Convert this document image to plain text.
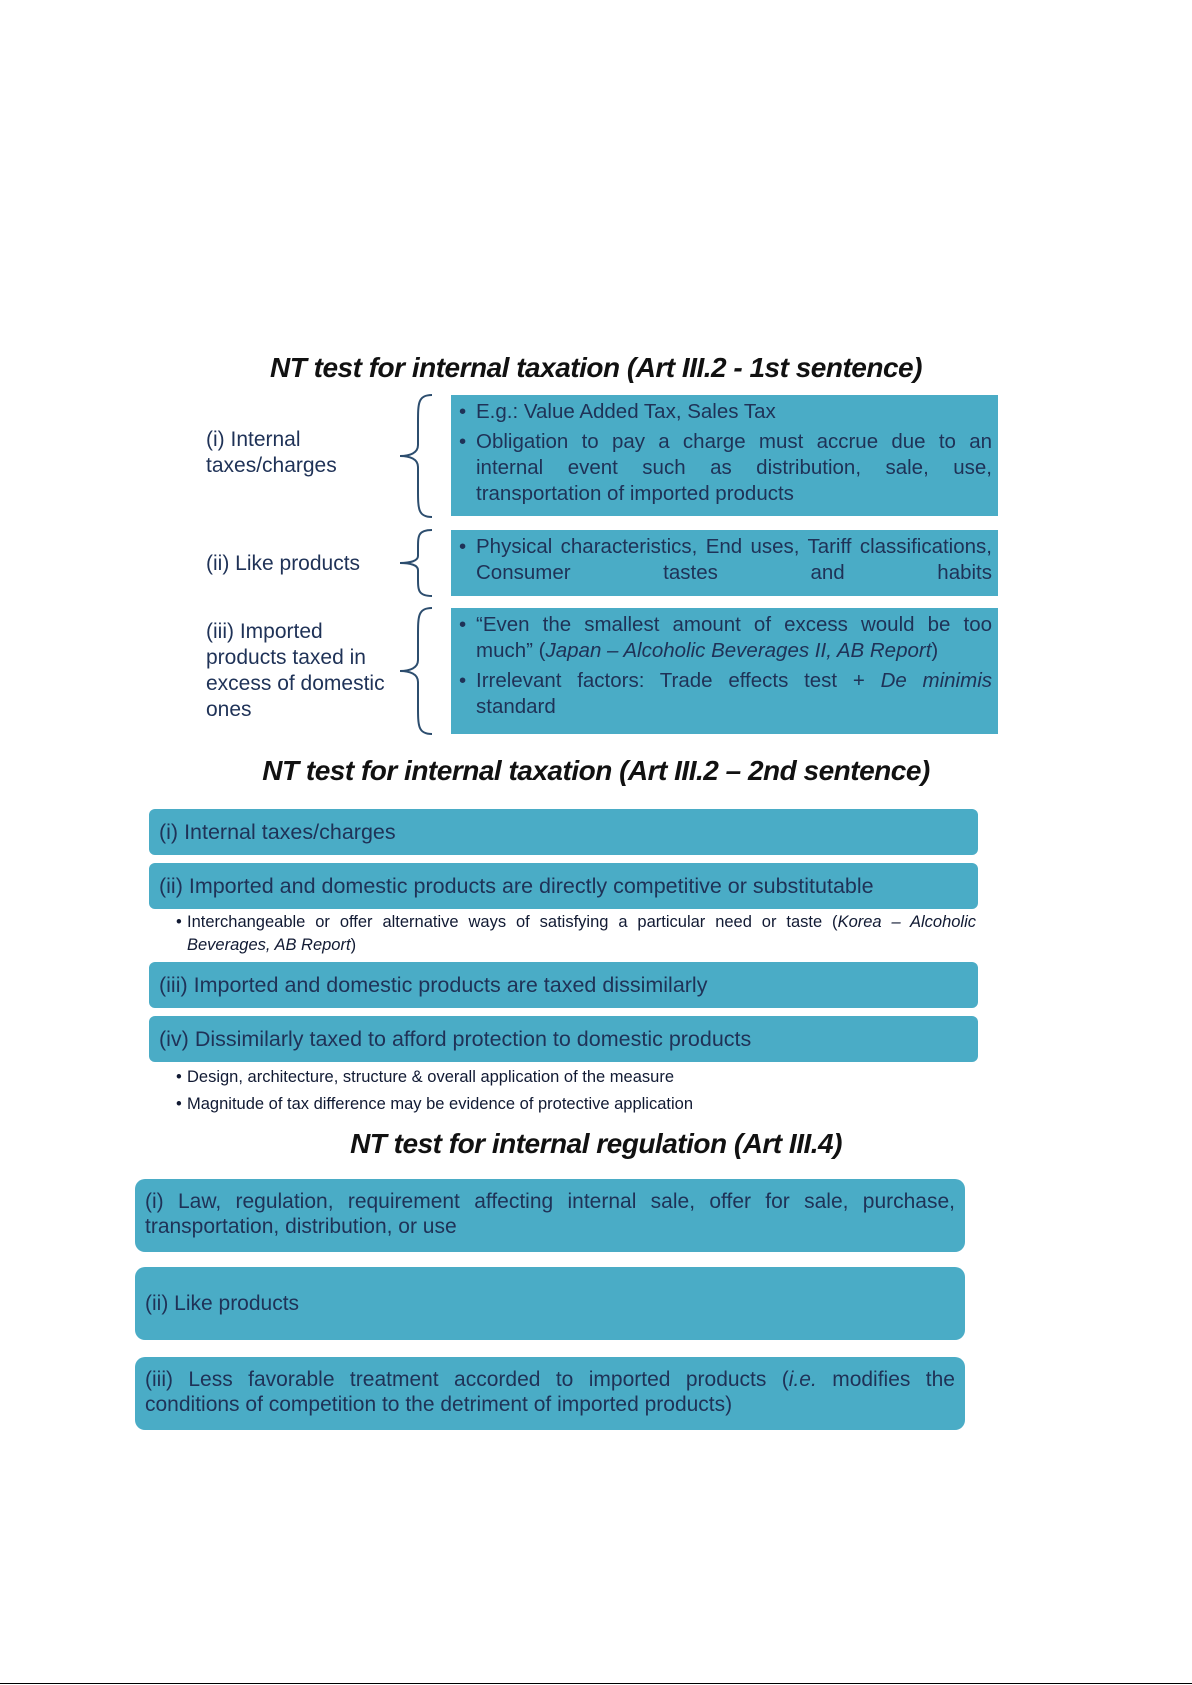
NT test for internal taxation (Art III.2 - 1st sentence)
(i) Internal taxes/charges
• E.g.: Value Added Tax, Sales Tax
• Obligation to pay a charge must accrue due to an internal event such as distribution, sale, use, transportation of imported products
(ii) Like products
• Physical characteristics, End uses, Tariff classifications, Consumer tastes and habits
(iii) Imported products taxed in excess of domestic ones
• “Even the smallest amount of excess would be too much” (Japan – Alcoholic Beverages II, AB Report)
• Irrelevant factors: Trade effects test + De minimis standard
NT test for internal taxation (Art III.2 – 2nd sentence)
(i) Internal taxes/charges
(ii) Imported and domestic products are directly competitive or substitutable
• Interchangeable or offer alternative ways of satisfying a particular need or taste (Korea – Alcoholic Beverages, AB Report)
(iii) Imported and domestic products are taxed dissimilarly
(iv) Dissimilarly taxed to afford protection to domestic products
• Design, architecture, structure & overall application of the measure
• Magnitude of tax difference may be evidence of protective application
NT test for internal regulation (Art III.4)
(i) Law, regulation, requirement affecting internal sale, offer for sale, purchase, transportation, distribution, or use
(ii) Like products
(iii) Less favorable treatment accorded to imported products (i.e. modifies the conditions of competition to the detriment of imported products)
